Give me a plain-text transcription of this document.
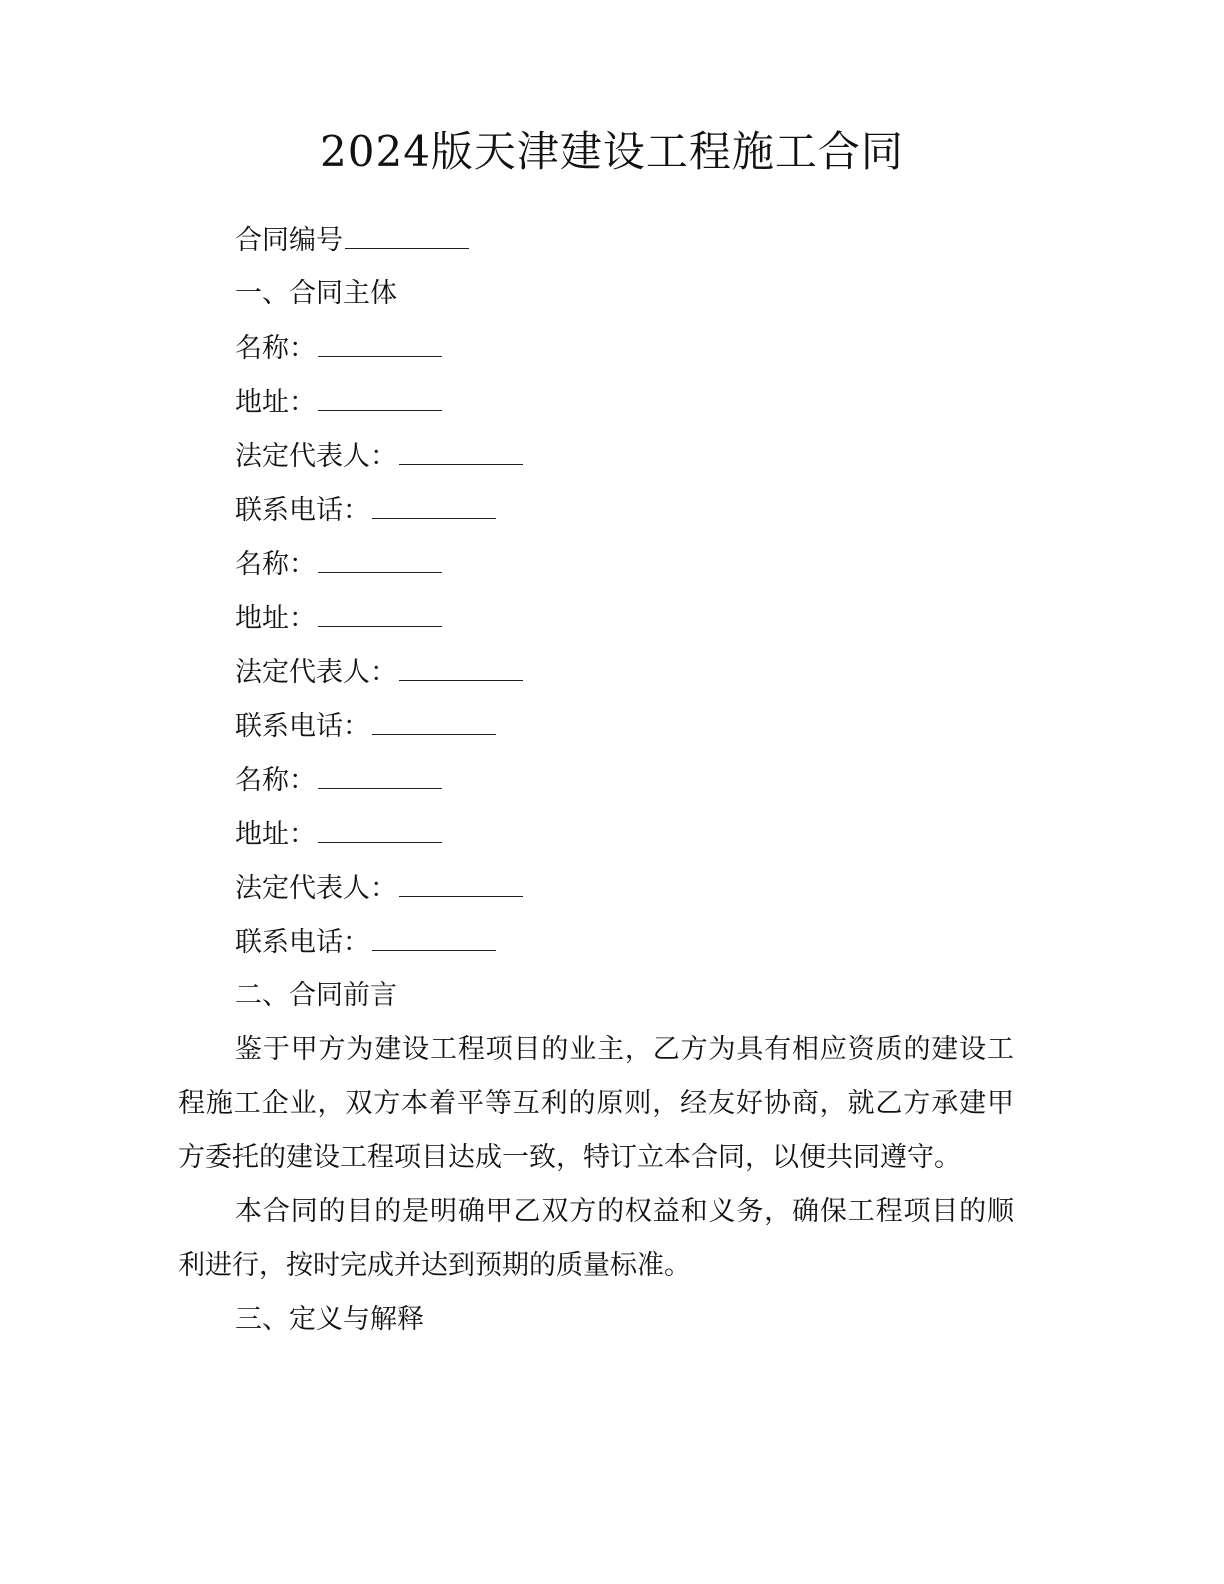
2024版天津建设工程施工合同
合同编号
一、合同主体
名称：
地址：
法定代表人：
联系电话：
名称：
地址：
法定代表人：
联系电话：
名称：
地址：
法定代表人：
联系电话：
二、合同前言
鉴于甲方为建设工程项目的业主，乙方为具有相应资质的建设工程施工企业，双方本着平等互利的原则，经友好协商，就乙方承建甲方委托的建设工程项目达成一致，特订立本合同，以便共同遵守。
本合同的目的是明确甲乙双方的权益和义务，确保工程项目的顺利进行，按时完成并达到预期的质量标准。
三、定义与解释
